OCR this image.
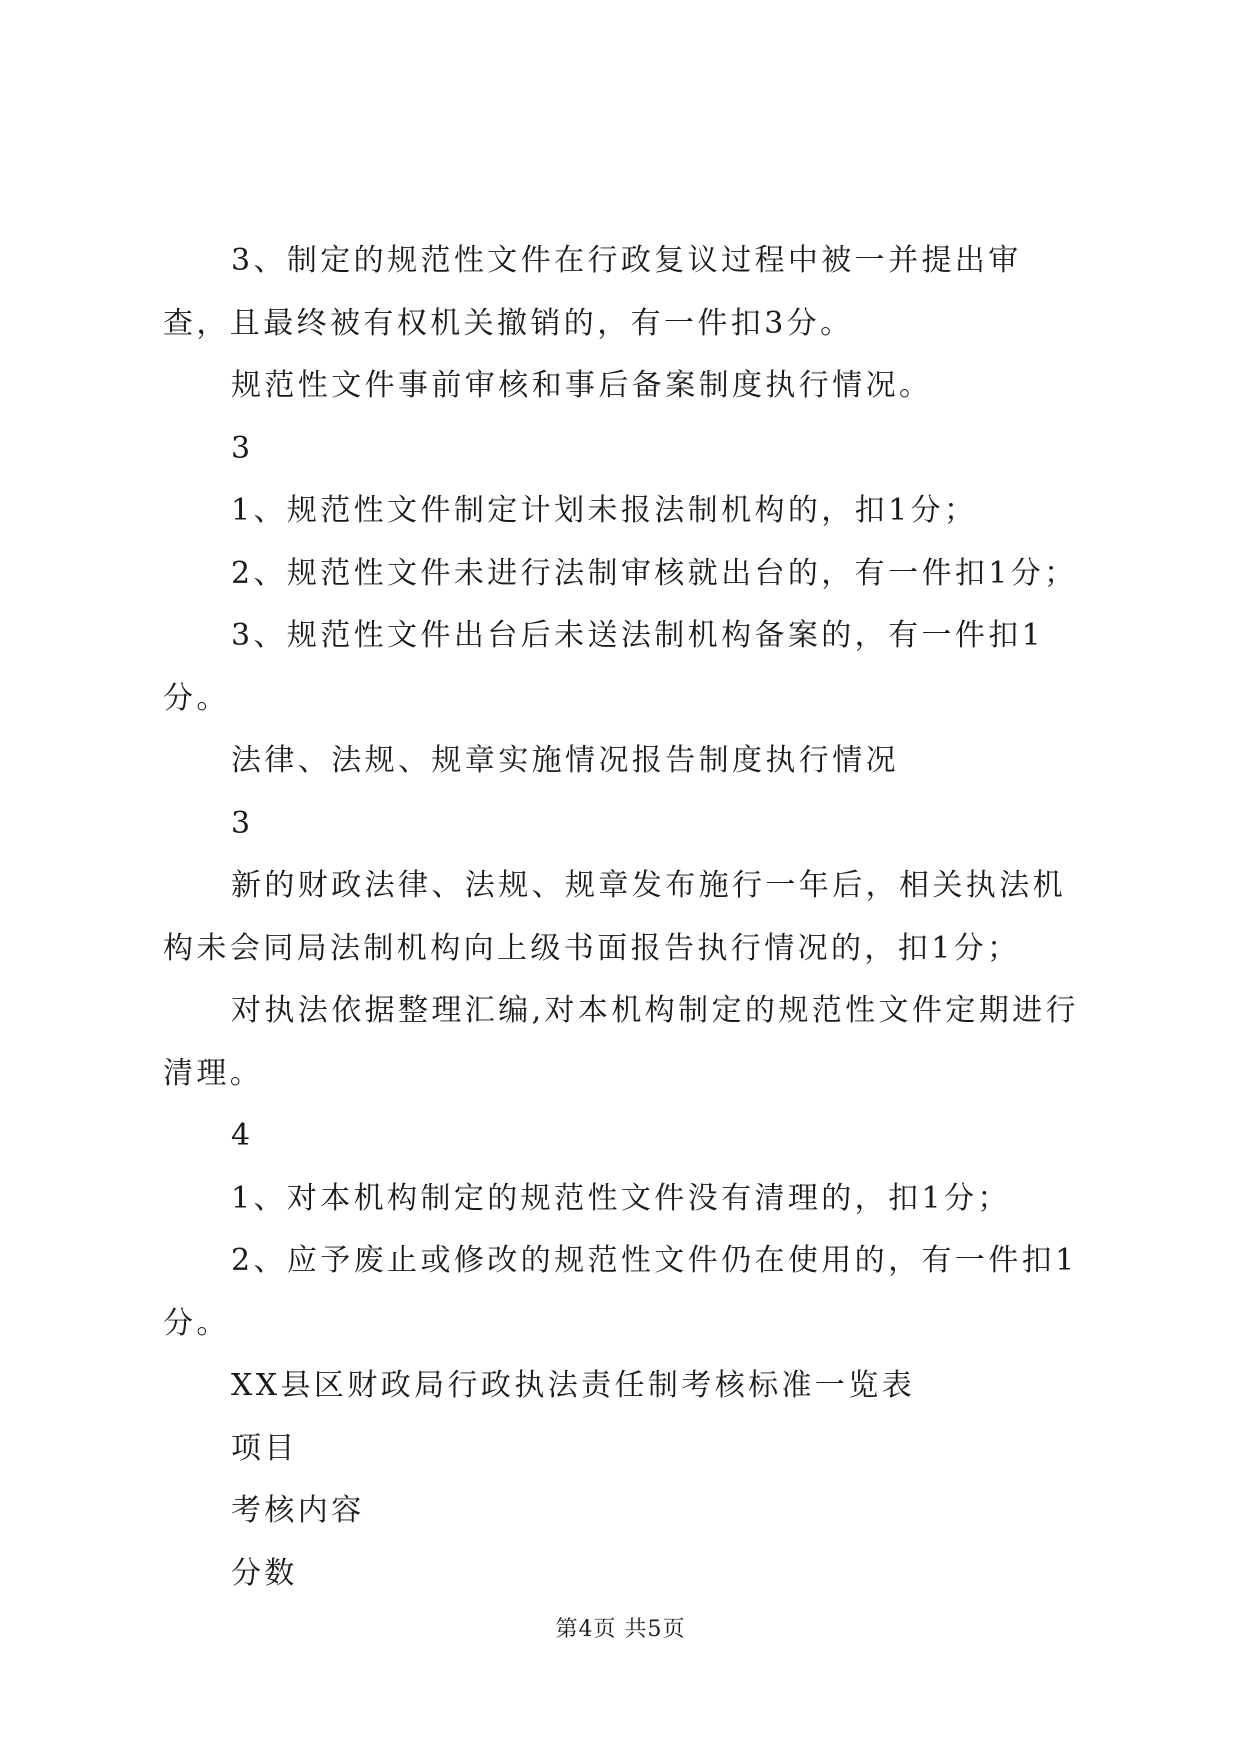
3、制定的规范性文件在行政复议过程中被一并提出审查，且最终被有权机关撤销的，有一件扣3分。

规范性文件事前审核和事后备案制度执行情况。

3

1、规范性文件制定计划未报法制机构的，扣1分；

2、规范性文件未进行法制审核就出台的，有一件扣1分；

3、规范性文件出台后未送法制机构备案的，有一件扣1分。

法律、法规、规章实施情况报告制度执行情况

3

新的财政法律、法规、规章发布施行一年后，相关执法机构未会同局法制机构向上级书面报告执行情况的，扣1分；

对执法依据整理汇编,对本机构制定的规范性文件定期进行清理。

4

1、对本机构制定的规范性文件没有清理的，扣1分；

2、应予废止或修改的规范性文件仍在使用的，有一件扣1分。

XX县区财政局行政执法责任制考核标准一览表

项目

考核内容

分数

第4页 共5页
